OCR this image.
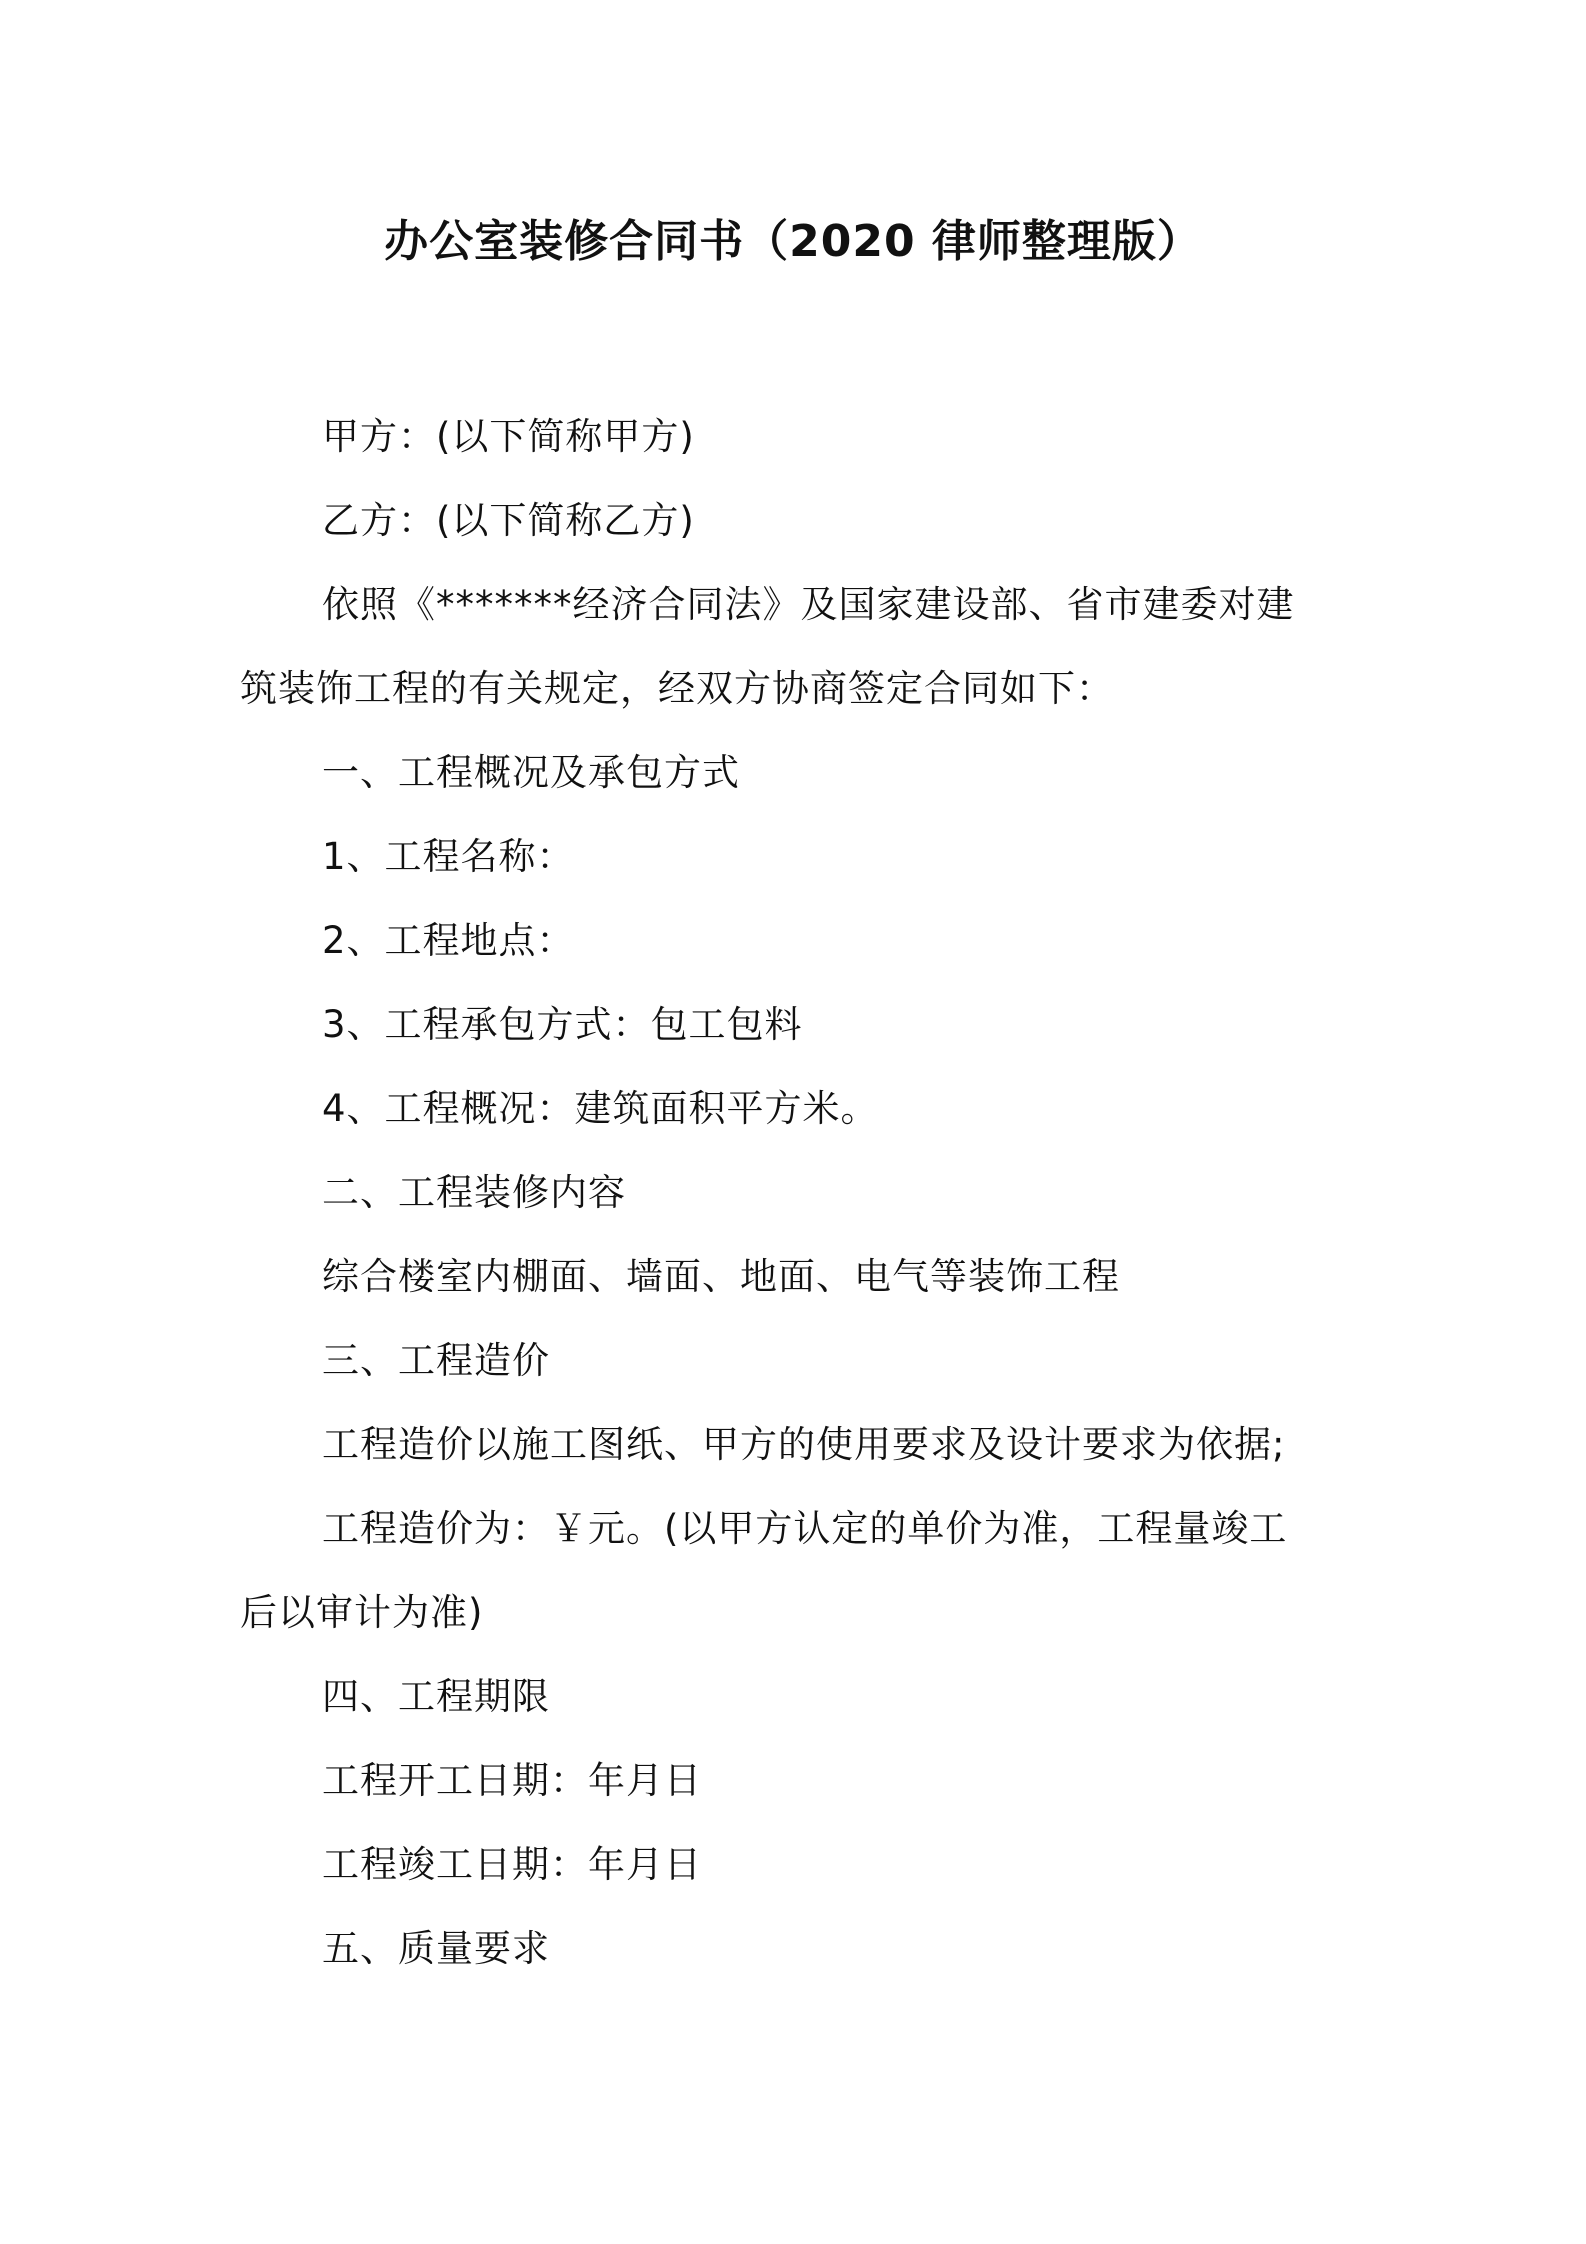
办公室装修合同书（2020 律师整理版）
甲方：(以下简称甲方)
乙方：(以下简称乙方)
依照《*******经济合同法》及国家建设部、省市建委对建
筑装饰工程的有关规定，经双方协商签定合同如下：
一、工程概况及承包方式
1、工程名称：
2、工程地点：
3、工程承包方式：包工包料
4、工程概况：建筑面积平方米。
二、工程装修内容
综合楼室内棚面、墙面、地面、电气等装饰工程
三、工程造价
工程造价以施工图纸、甲方的使用要求及设计要求为依据;
工程造价为：￥元。(以甲方认定的单价为准，工程量竣工
后以审计为准)
四、工程期限
工程开工日期：年月日
工程竣工日期：年月日
五、质量要求
